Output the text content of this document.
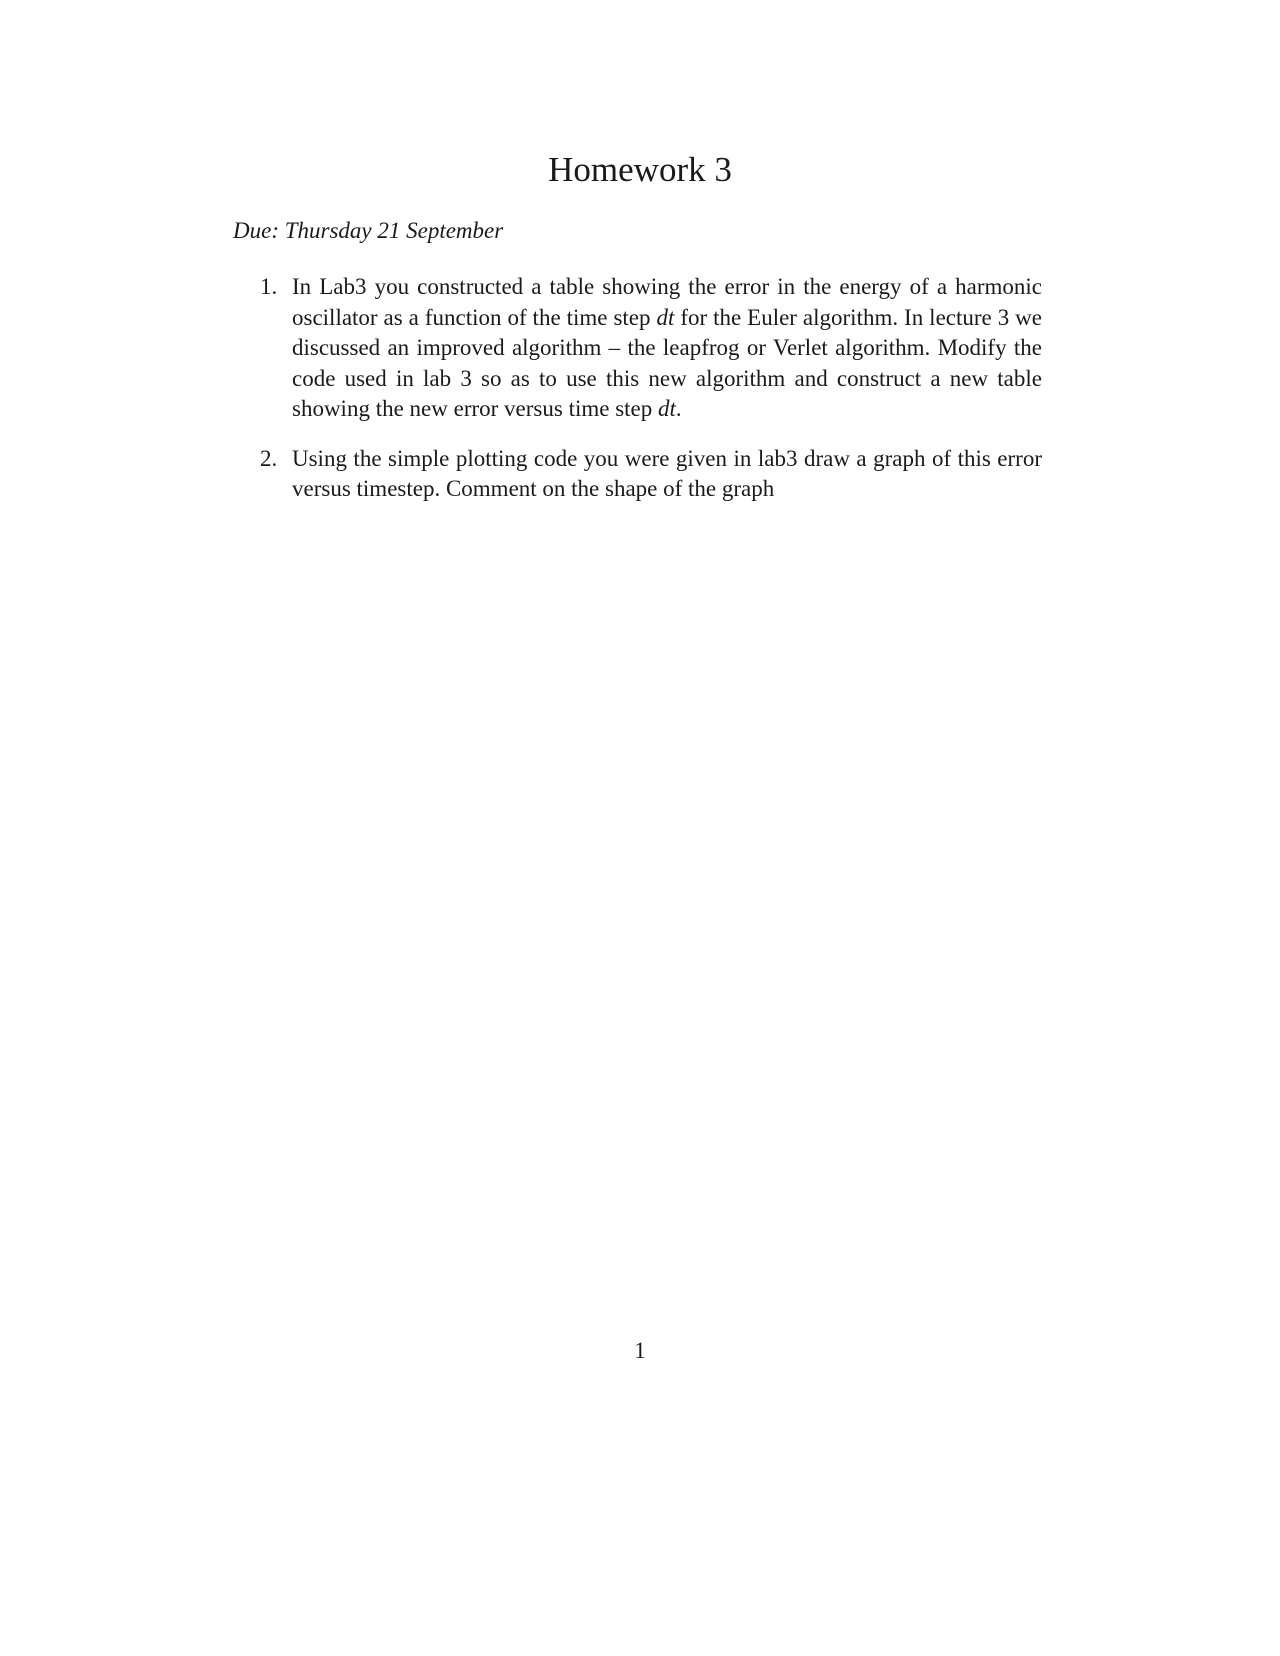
Homework 3

Due: Thursday 21 September

1. In Lab3 you constructed a table showing the error in the energy of a harmonic oscillator as a function of the time step dt for the Euler algorithm. In lecture 3 we discussed an improved algorithm – the leapfrog or Verlet algorithm. Modify the code used in lab 3 so as to use this new algorithm and construct a new table showing the new error versus time step dt.
2. Using the simple plotting code you were given in lab3 draw a graph of this error versus timestep. Comment on the shape of the graph

1
